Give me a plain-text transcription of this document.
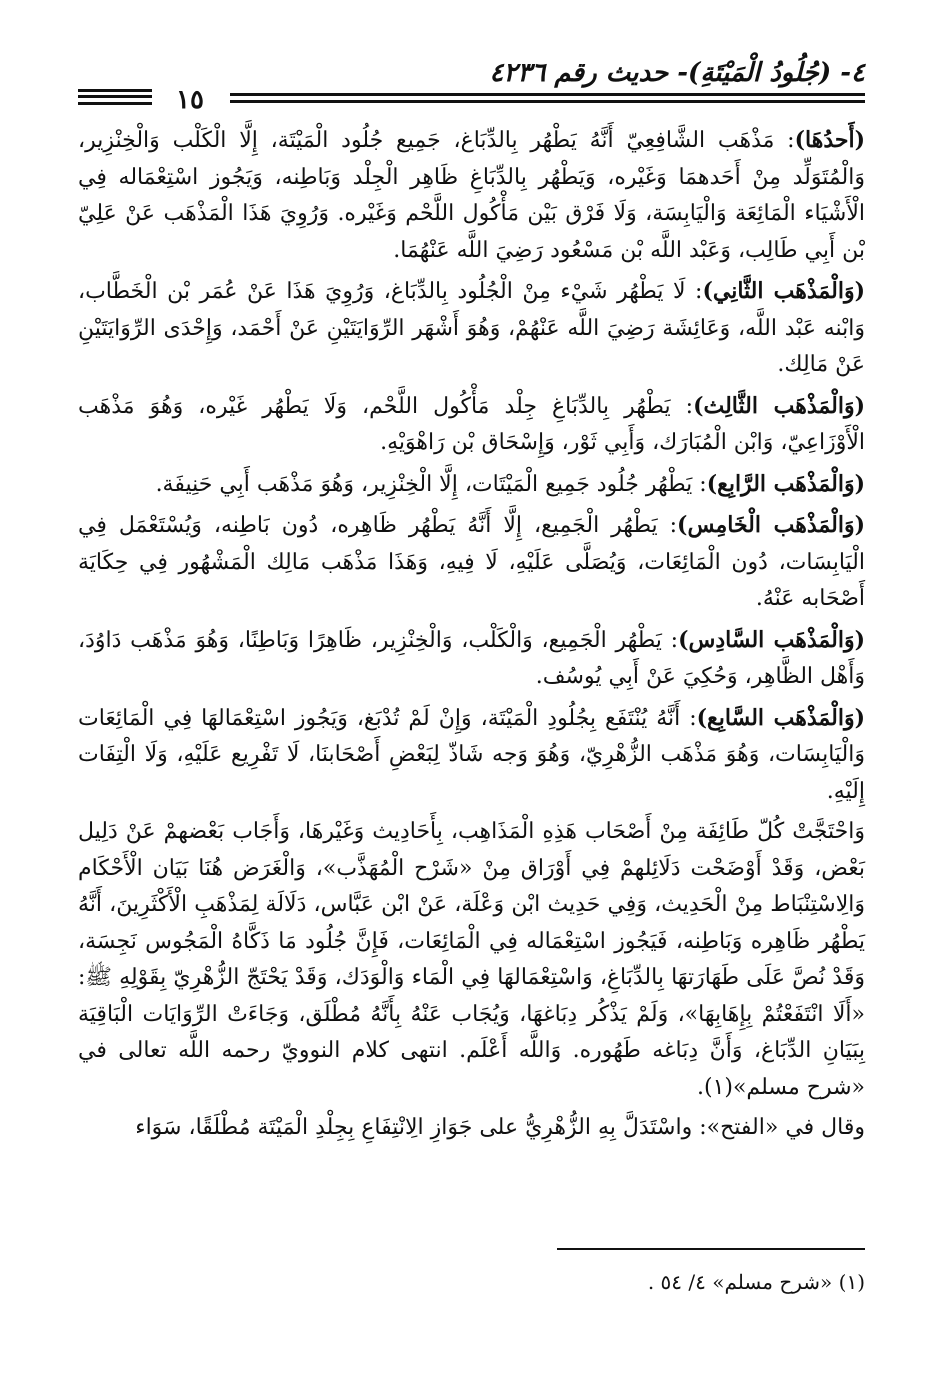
٤- (جُلُودُ الْمَيْتَةِ)- حديث رقم ٤٢٣٦
١٥

(أَحدُهَا): مَذْهَب الشَّافِعِيّ أَنَّهُ يَطْهُر بِالدِّبَاغ، جَمِيع جُلُود الْمَيْتَة، إِلَّا الْكَلْب وَالْخِنْزِير، وَالْمُتَوَلِّد مِنْ أَحَدهمَا وَغَيْره، وَيَطْهُر بِالدِّبَاغِ ظَاهِر الْجِلْد وَبَاطِنه، وَيَجُوز اسْتِعْمَاله فِي الْأَشْيَاء الْمَائِعَة وَالْيَابِسَة، وَلَا فَرْق بَيْن مَأْكُول اللَّحْم وَغَيْره. وَرُوِيَ هَذَا الْمَذْهَب عَنْ عَلِيّ بْن أَبِي طَالِب، وَعَبْد اللَّه بْن مَسْعُود رَضِيَ اللَّه عَنْهُمَا.

(وَالْمَذْهَب الثَّانِي): لَا يَطْهُر شَيْء مِنْ الْجُلُود بِالدِّبَاغ، وَرُوِيَ هَذَا عَنْ عُمَر بْن الْخَطَّاب، وَابْنه عَبْد اللَّه، وَعَائِشَة رَضِيَ اللَّه عَنْهُمْ، وَهُوَ أَشْهَر الرِّوَايَتَيْنِ عَنْ أَحْمَد، وَإِحْدَى الرِّوَايَتَيْنِ عَنْ مَالِك.

(وَالْمَذْهَب الثَّالِث): يَطْهُر بِالدِّبَاغِ جِلْد مَأْكُول اللَّحْم، وَلَا يَطْهُر غَيْره، وَهُوَ مَذْهَب الْأَوْزَاعِيّ، وَابْن الْمُبَارَك، وَأَبِي ثَوْر، وَإِسْحَاق بْن رَاهْوَيْهِ.

(وَالْمَذْهَب الرَّابِع): يَطْهُر جُلُود جَمِيع الْمَيْتَات، إِلَّا الْخِنْزِير، وَهُوَ مَذْهَب أَبِي حَنِيفَة.

(وَالْمَذْهَب الْخَامِس): يَطْهُر الْجَمِيع، إِلَّا أَنَّهُ يَطْهُر ظَاهِره، دُون بَاطِنه، وَيُسْتَعْمَل فِي الْيَابِسَات، دُون الْمَائِعَات، وَيُصَلَّى عَلَيْهِ، لَا فِيهِ، وَهَذَا مَذْهَب مَالِك الْمَشْهُور فِي حِكَايَة أَصْحَابه عَنْهُ.

(وَالْمَذْهَب السَّادِس): يَطْهُر الْجَمِيع، وَالْكَلْب، وَالْخِنْزِير، ظَاهِرًا وَبَاطِنًا، وَهُوَ مَذْهَب دَاوُدَ، وَأَهْل الظَّاهِر، وَحُكِيَ عَنْ أَبِي يُوسُف.

(وَالْمَذْهَب السَّابِع): أَنَّهُ يُنْتَفَع بِجُلُودِ الْمَيْتَة، وَإِنْ لَمْ تُدْبَغ، وَيَجُوز اسْتِعْمَالهَا فِي الْمَائِعَات وَالْيَابِسَات، وَهُوَ مَذْهَب الزُّهْرِيّ، وَهُوَ وَجه شَاذّ لِبَعْضِ أَصْحَابنَا، لَا تَفْرِيع عَلَيْهِ، وَلَا الْتِفَات إِلَيْهِ.

وَاحْتَجَّتْ كُلّ طَائِفَة مِنْ أَصْحَاب هَذِهِ الْمَذَاهِب، بِأَحَادِيث وَغَيْرهَا، وَأَجَاب بَعْضهمْ عَنْ دَلِيل بَعْض، وَقَدْ أَوْضَحْت دَلَائِلهمْ فِي أَوْرَاق مِنْ «شَرْح الْمُهَذَّب»، وَالْغَرَض هُنَا بَيَان الْأَحْكَام وَالِاسْتِنْبَاط مِنْ الْحَدِيث، وَفِي حَدِيث ابْن وَعْلَة، عَنْ ابْن عَبَّاس، دَلَالَة لِمَذْهَبِ الْأَكْثَرِينَ، أَنَّهُ يَطْهُر ظَاهِره وَبَاطِنه، فَيَجُوز اسْتِعْمَاله فِي الْمَائِعَات، فَإِنَّ جُلُود مَا ذَكَّاهُ الْمَجُوس نَجِسَة، وَقَدْ نُصَّ عَلَى طَهَارَتهَا بِالدِّبَاغِ، وَاسْتِعْمَالهَا فِي الْمَاء وَالْوَدَك، وَقَدْ يَحْتَجّ الزُّهْرِيّ بِقَوْلِهِ ﷺ: «أَلَا انْتَفَعْتُمْ بِإِهَابِهَا»، وَلَمْ يَذْكُر دِبَاغهَا، وَيُجَاب عَنْهُ بِأَنَّهُ مُطْلَق، وَجَاءَتْ الرِّوَايَات الْبَاقِيَة بِبَيَانِ الدِّبَاغ، وَأَنَّ دِبَاغه طَهُوره. وَاللَّه أَعْلَم. انتهى كلام النوويّ رحمه اللَّه تعالى في «شرح مسلم»(١).

وقال في «الفتح»: واسْتَدَلَّ بِهِ الزُّهْرِيُّ على جَوَازِ الِانْتِفَاعِ بِجِلْدِ الْمَيْتَة مُطْلَقًا، سَوَاء

(١) «شرح مسلم» ٤/ ٥٤ .
